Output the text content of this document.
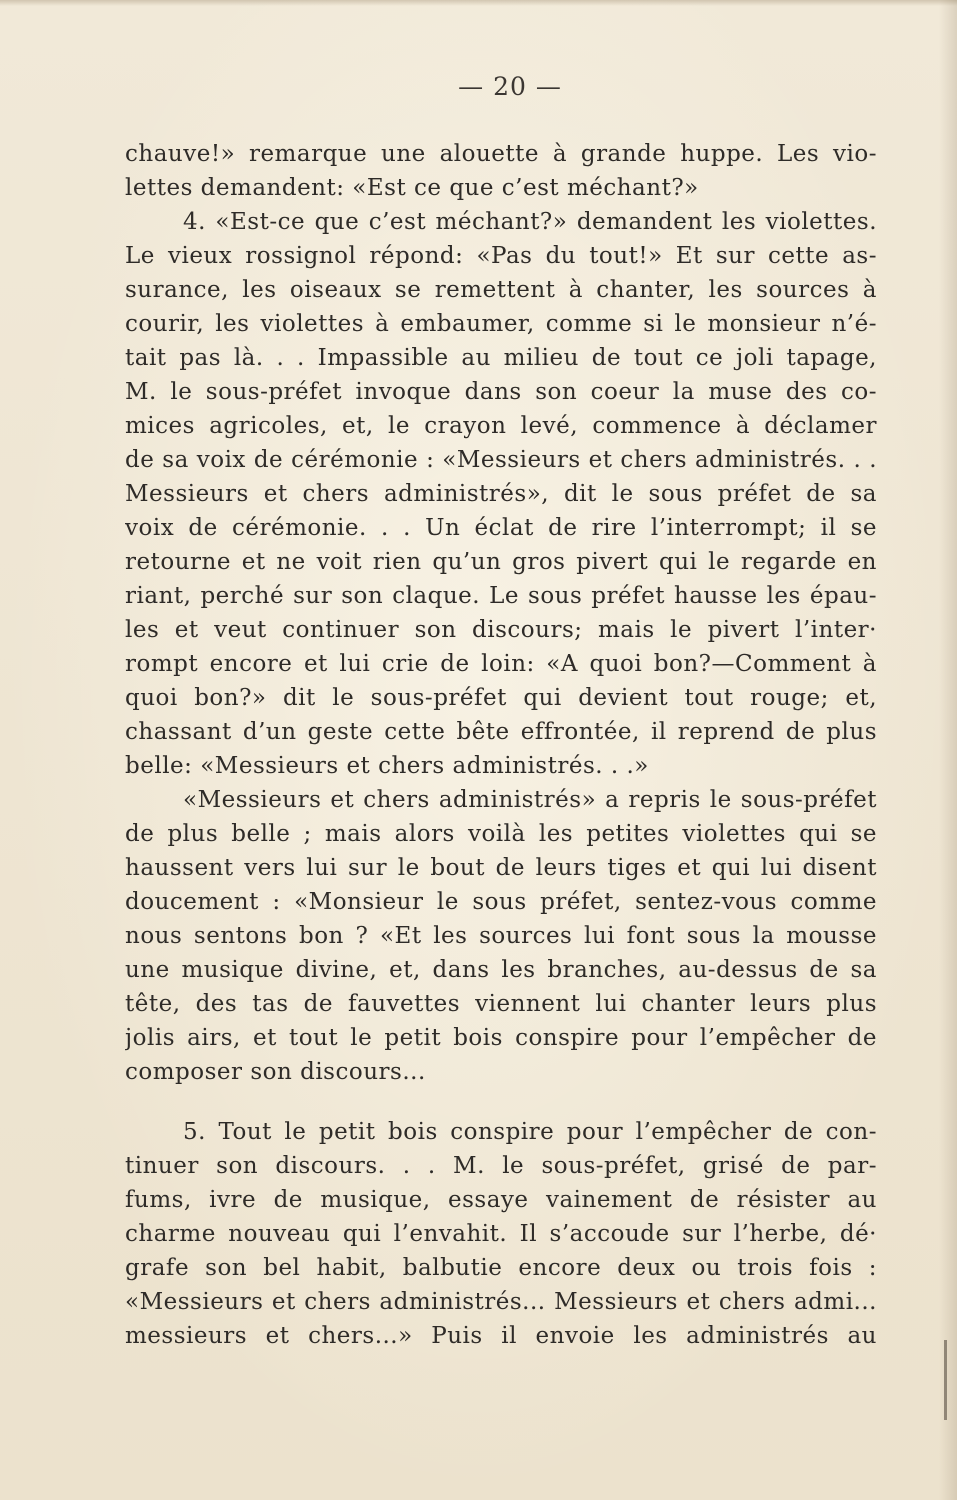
— 20 —
chauve!» remarque une alouette à grande huppe. Les vio-
lettes demandent: «Est ce que c’est méchant?»
4. «Est-ce que c’est méchant?» demandent les violettes.
Le vieux rossignol répond: «Pas du tout!» Et sur cette as-
surance, les oiseaux se remettent à chanter, les sources à
courir, les violettes à embaumer, comme si le monsieur n’é-
tait pas là. . . Impassible au milieu de tout ce joli tapage,
M. le sous-préfet invoque dans son coeur la muse des co-
mices agricoles, et, le crayon levé, commence à déclamer
de sa voix de cérémonie : «Messieurs et chers administrés. . .
Messieurs et chers administrés», dit le sous préfet de sa
voix de cérémonie. . . Un éclat de rire l’interrompt; il se
retourne et ne voit rien qu’un gros pivert qui le regarde en
riant, perché sur son claque. Le sous préfet hausse les épau-
les et veut continuer son discours; mais le pivert l’inter·
rompt encore et lui crie de loin: «A quoi bon?—Comment à
quoi bon?» dit le sous-préfet qui devient tout rouge; et,
chassant d’un geste cette bête effrontée, il reprend de plus
belle: «Messieurs et chers administrés. . .»
«Messieurs et chers administrés» a repris le sous-préfet
de plus belle ; mais alors voilà les petites violettes qui se
haussent vers lui sur le bout de leurs tiges et qui lui disent
doucement : «Monsieur le sous préfet, sentez-vous comme
nous sentons bon ? «Et les sources lui font sous la mousse
une musique divine, et, dans les branches, au-dessus de sa
tête, des tas de fauvettes viennent lui chanter leurs plus
jolis airs, et tout le petit bois conspire pour l’empêcher de
composer son discours...
5. Tout le petit bois conspire pour l’empêcher de con-
tinuer son discours. . . M. le sous-préfet, grisé de par-
fums, ivre de musique, essaye vainement de résister au
charme nouveau qui l’envahit. Il s’accoude sur l’herbe, dé·
grafe son bel habit, balbutie encore deux ou trois fois :
«Messieurs et chers administrés... Messieurs et chers admi...
messieurs et chers...» Puis il envoie les administrés au
